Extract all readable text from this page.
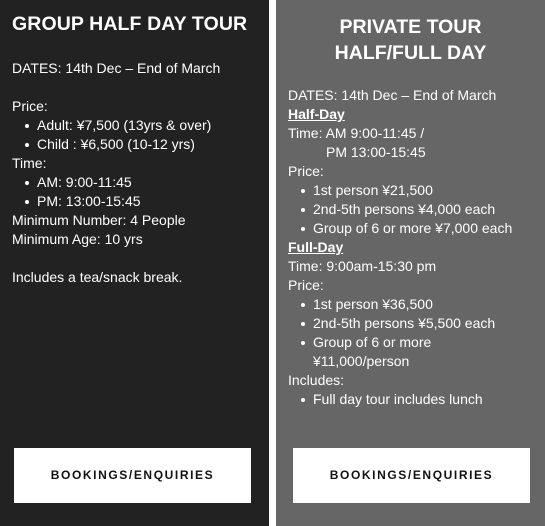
GROUP HALF DAY TOUR
DATES: 14th Dec – End of March
Price:
Adult: ¥7,500 (13yrs & over)
Child : ¥6,500 (10-12 yrs)
Time:
AM: 9:00-11:45
PM: 13:00-15:45
Minimum Number: 4 People
Minimum Age: 10 yrs
Includes a tea/snack break.
BOOKINGS/ENQUIRIES
PRIVATE TOUR
HALF/FULL DAY
DATES: 14th Dec – End of March
Half-Day
Time: AM 9:00-11:45 /
PM 13:00-15:45
Price:
1st person ¥21,500
2nd-5th persons ¥4,000 each
Group of 6 or more ¥7,000 each
Full-Day
Time: 9:00am-15:30 pm
Price:
1st person ¥36,500
2nd-5th persons ¥5,500 each
Group of 6 or more
¥11,000/person
Includes:
Full day tour includes lunch
BOOKINGS/ENQUIRIES
